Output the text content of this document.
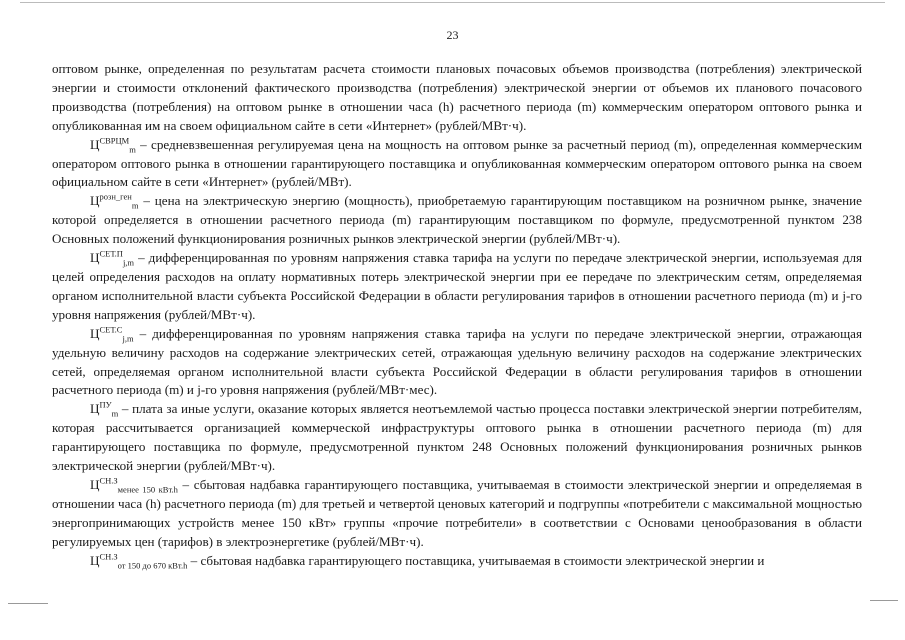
23

оптовом рынке, определенная по результатам расчета стоимости плановых почасовых объемов производства (потребления) электрической энергии и стоимости отклонений фактического производства (потребления) электрической энергии от объемов их планового почасового производства (потребления) на оптовом рынке в отношении часа (h) расчетного периода (m) коммерческим оператором оптового рынка и опубликованная им на своем официальном сайте в сети «Интернет» (рублей/МВт·ч).

$Ц^{СВРЦМ}_m$ – средневзвешенная регулируемая цена на мощность на оптовом рынке за расчетный период (m), определенная коммерческим оператором оптового рынка в отношении гарантирующего поставщика и опубликованная коммерческим оператором оптового рынка на своем официальном сайте в сети «Интернет» (рублей/МВт).

$Ц^{розн\_ген}_m$ – цена на электрическую энергию (мощность), приобретаемую гарантирующим поставщиком на розничном рынке, значение которой определяется в отношении расчетного периода (m) гарантирующим поставщиком по формуле, предусмотренной пунктом 238 Основных положений функционирования розничных рынков электрической энергии (рублей/МВт·ч).

$Ц^{СЕТ.П}_{j,m}$ – дифференцированная по уровням напряжения ставка тарифа на услуги по передаче электрической энергии, используемая для целей определения расходов на оплату нормативных потерь электрической энергии при ее передаче по электрическим сетям, определяемая органом исполнительной власти субъекта Российской Федерации в области регулирования тарифов в отношении расчетного периода (m) и j-го уровня напряжения (рублей/МВт·ч).

$Ц^{СЕТ.С}_{j,m}$ – дифференцированная по уровням напряжения ставка тарифа на услуги по передаче электрической энергии, отражающая удельную величину расходов на содержание электрических сетей, отражающая удельную величину расходов на содержание электрических сетей, определяемая органом исполнительной власти субъекта Российской Федерации в области регулирования тарифов в отношении расчетного периода (m) и j-го уровня напряжения (рублей/МВт·мес).

$Ц^{ПУ}_m$ – плата за иные услуги, оказание которых является неотъемлемой частью процесса поставки электрической энергии потребителям, которая рассчитывается организацией коммерческой инфраструктуры оптового рынка в отношении расчетного периода (m) для гарантирующего поставщика по формуле, предусмотренной пунктом 248 Основных положений функционирования розничных рынков электрической энергии (рублей/МВт·ч).

$Ц^{СН.З}_{менее 150 кВт.h}$ – сбытовая надбавка гарантирующего поставщика, учитываемая в стоимости электрической энергии и определяемая в отношении часа (h) расчетного периода (m) для третьей и четвертой ценовых категорий и подгруппы «потребители с максимальной мощностью энергопринимающих устройств менее 150 кВт» группы «прочие потребители» в соответствии с Основами ценообразования в области регулируемых цен (тарифов) в электроэнергетике (рублей/МВт·ч).

$Ц^{СН.З}_{от 150 до 670 кВт.h}$ – сбытовая надбавка гарантирующего поставщика, учитываемая в стоимости электрической энергии и
